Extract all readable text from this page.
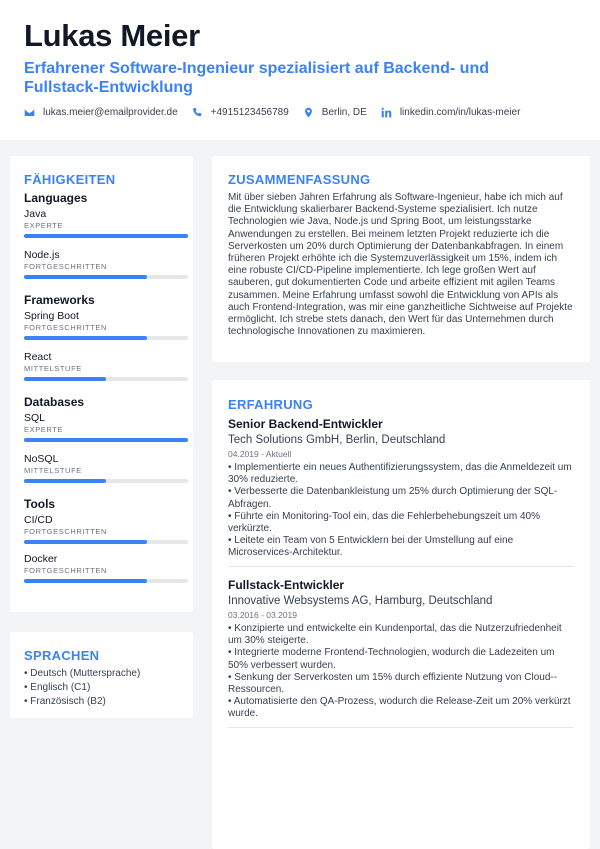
Lukas Meier
Erfahrener Software-Ingenieur spezialisiert auf Backend- und Fullstack-Entwicklung
lukas.meier@emailprovider.de	+4915123456789	Berlin, DE	linkedin.com/in/lukas-meier
FÄHIGKEITEN
Languages
Java
EXPERTE
Node.js
FORTGESCHRITTEN
Frameworks
Spring Boot
FORTGESCHRITTEN
React
MITTELSTUFE
Databases
SQL
EXPERTE
NoSQL
MITTELSTUFE
Tools
CI/CD
FORTGESCHRITTEN
Docker
FORTGESCHRITTEN
SPRACHEN
• Deutsch (Muttersprache)
• Englisch (C1)
• Französisch (B2)
ZUSAMMENFASSUNG

Mit über sieben Jahren Erfahrung als Software-Ingenieur, habe ich mich auf die Entwicklung skalierbarer Backend-Systeme spezialisiert. Ich nutze Technologien wie Java, Node.js und Spring Boot, um leistungsstarke Anwendungen zu erstellen. Bei meinem letzten Projekt reduzierte ich die Serverkosten um 20% durch Optimierung der Datenbankabfragen. In einem früheren Projekt erhöhte ich die Systemzuverlässigkeit um 15%, indem ich eine robuste CI/CD-Pipeline implementierte. Ich lege großen Wert auf sauberen, gut dokumentierten Code und arbeite effizient mit agilen Teams zusammen. Meine Erfahrung umfasst sowohl die Entwicklung von APIs als auch Frontend-Integration, was mir eine ganzheitliche Sichtweise auf Projekte ermöglicht. Ich strebe stets danach, den Wert für das Unternehmen durch technologische Innovationen zu maximieren.

ERFAHRUNG
Senior Backend-Entwickler
Tech Solutions GmbH, Berlin, Deutschland
04.2019 - Aktuell
• Implementierte ein neues Authentifizierungssystem, das die Anmeldezeit um 30% reduzierte.
• Verbesserte die Datenbankleistung um 25% durch Optimierung der SQL-Abfragen.
• Führte ein Monitoring-Tool ein, das die Fehlerbehebungszeit um 40% verkürzte.
• Leitete ein Team von 5 Entwicklern bei der Umstellung auf eine Microservices-Architektur.
Fullstack-Entwickler
Innovative Websystems AG, Hamburg, Deutschland
03.2016 - 03.2019
• Konzipierte und entwickelte ein Kundenportal, das die Nutzerzufriedenheit um 30% steigerte.
• Integrierte moderne Frontend-Technologien, wodurch die Ladezeiten um 50% verbessert wurden.
• Senkung der Serverkosten um 15% durch effiziente Nutzung von Cloud-Ressourcen.
• Automatisierte den QA-Prozess, wodurch die Release-Zeit um 20% verkürzt wurde.
